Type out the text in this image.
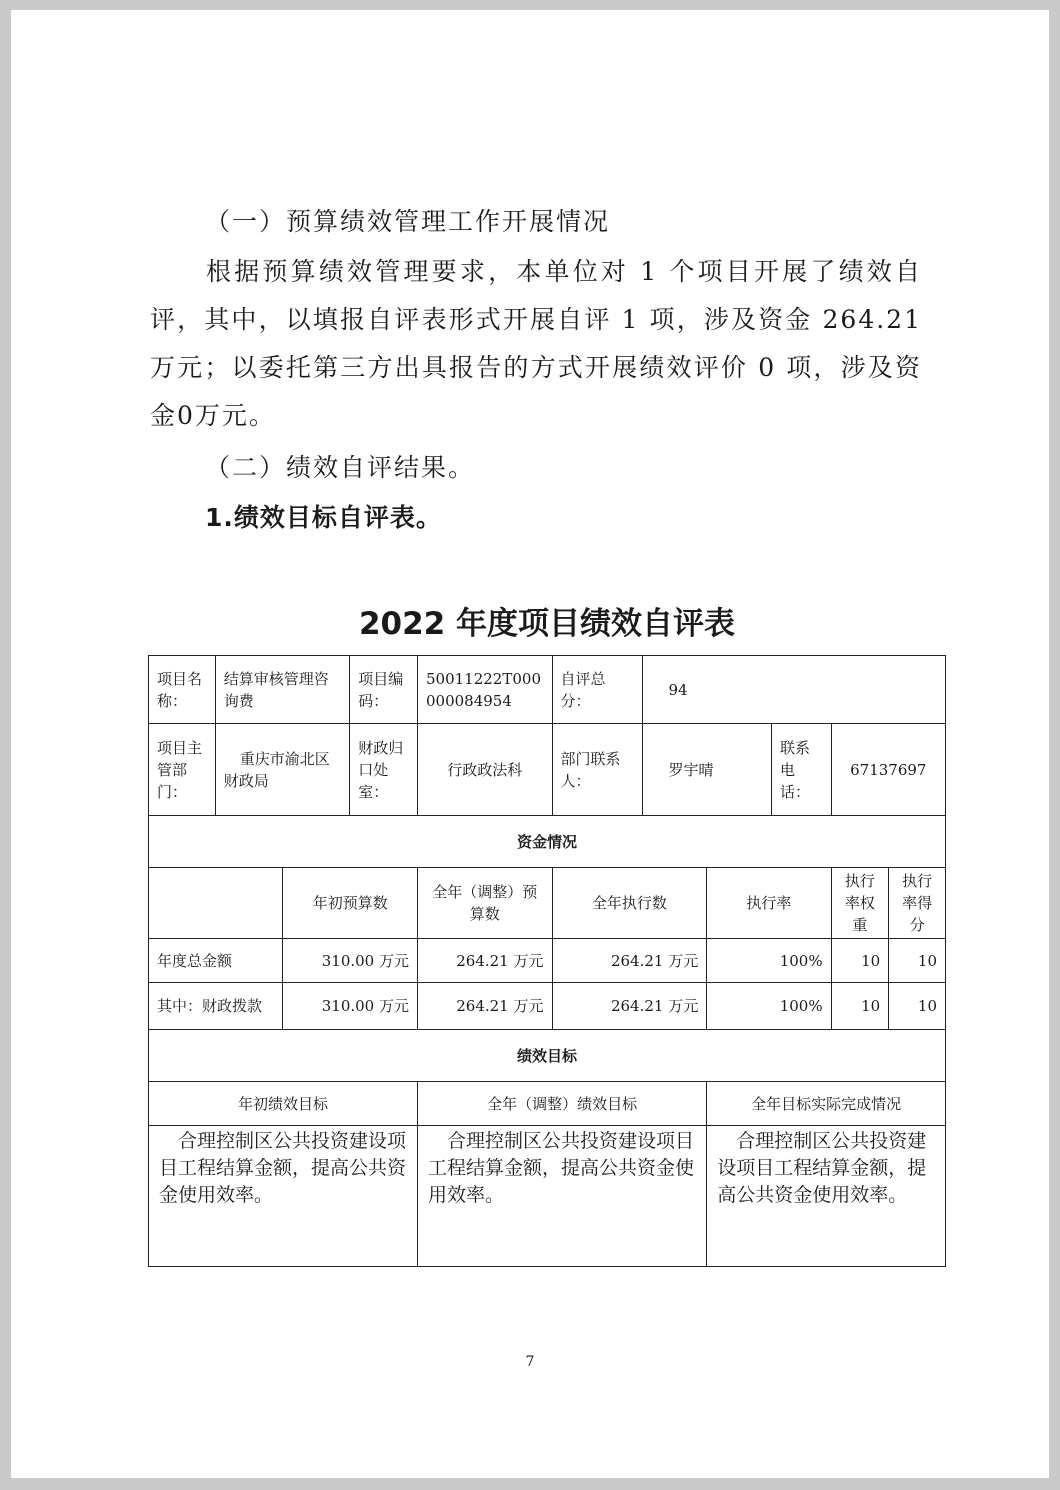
（一）预算绩效管理工作开展情况

根据预算绩效管理要求，本单位对 1 个项目开展了绩效自评，其中，以填报自评表形式开展自评 1 项，涉及资金 264.21万元；以委托第三方出具报告的方式开展绩效评价 0 项，涉及资金0万元。

（二）绩效自评结果。

1.绩效目标自评表。

2022 年度项目绩效自评表
项目名称：	结算审核管理咨询费		项目编码：	50011222T000000084954	自评总分：	94				
项目主管部门：	重庆市渝北区财政局		财政归口处室：	行政政法科	部门联系人：	罗宇晴		联系电话：	67137697	
资金情况										
		年初预算数		全年（调整）预算数	全年执行数		执行率		执行率权重	执行率得分
年度总金额		310.00 万元		264.21 万元	264.21 万元		100%		10	10
其中：财政拨款		310.00 万元		264.21 万元	264.21 万元		100%		10	10
绩效目标										
年初绩效目标				全年（调整）绩效目标			全年目标实际完成情况			
合理控制区公共投资建设项目工程结算金额，提高公共资金使用效率。				合理控制区公共投资建设项目工程结算金额，提高公共资金使用效率。			合理控制区公共投资建设项目工程结算金额，提高公共资金使用效率。			
7
